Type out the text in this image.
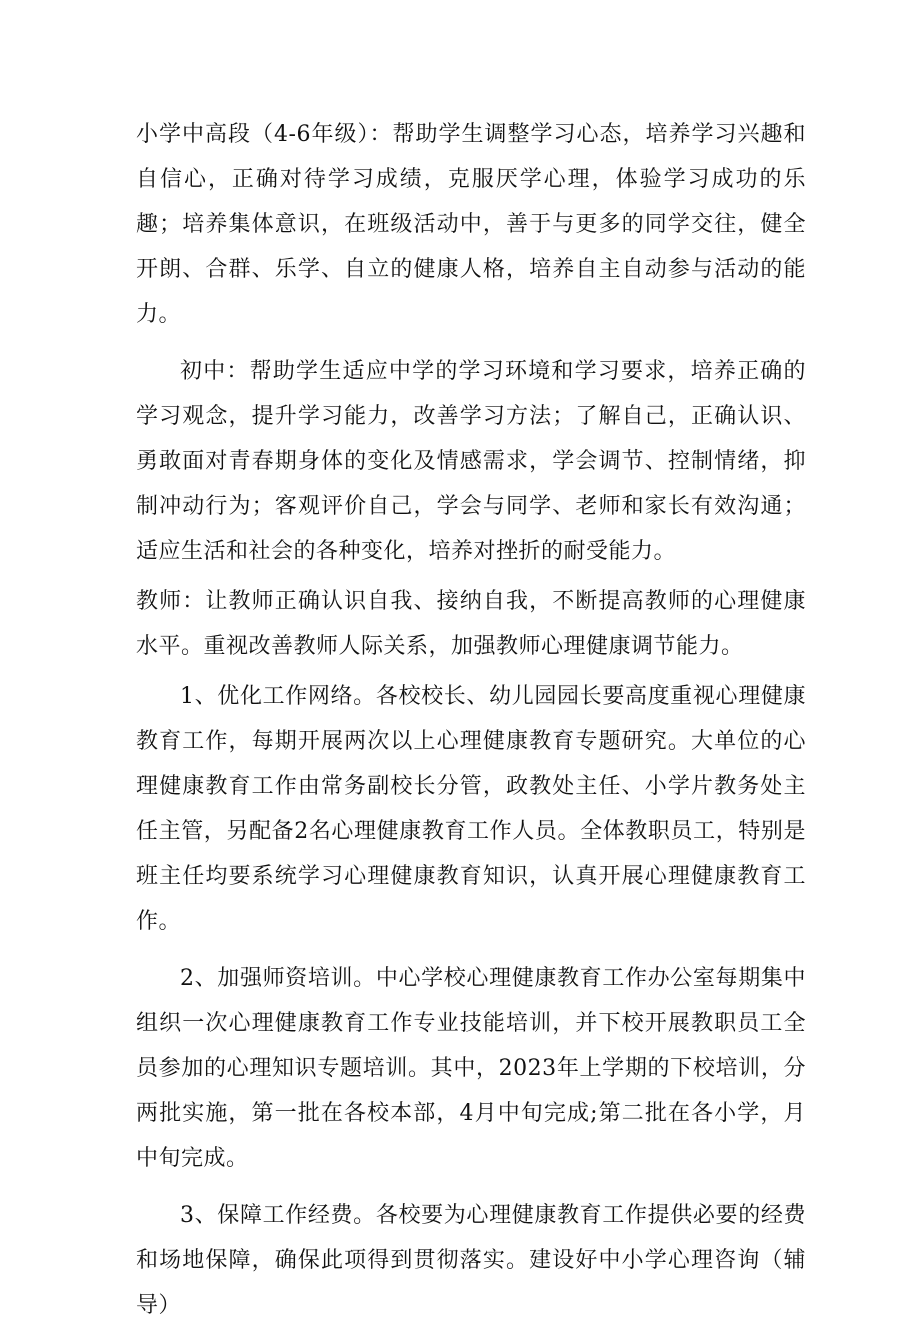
小学中高段（4-6年级）：帮助学生调整学习心态，培养学习兴趣和自信心，正确对待学习成绩，克服厌学心理，体验学习成功的乐趣；培养集体意识，在班级活动中，善于与更多的同学交往，健全开朗、合群、乐学、自立的健康人格，培养自主自动参与活动的能力。

初中：帮助学生适应中学的学习环境和学习要求，培养正确的学习观念，提升学习能力，改善学习方法；了解自己，正确认识、勇敢面对青春期身体的变化及情感需求，学会调节、控制情绪，抑制冲动行为；客观评价自己，学会与同学、老师和家长有效沟通；适应生活和社会的各种变化，培养对挫折的耐受能力。

教师：让教师正确认识自我、接纳自我，不断提高教师的心理健康水平。重视改善教师人际关系，加强教师心理健康调节能力。

1、优化工作网络。各校校长、幼儿园园长要高度重视心理健康教育工作，每期开展两次以上心理健康教育专题研究。大单位的心理健康教育工作由常务副校长分管，政教处主任、小学片教务处主任主管，另配备2名心理健康教育工作人员。全体教职员工，特别是班主任均要系统学习心理健康教育知识，认真开展心理健康教育工作。

2、加强师资培训。中心学校心理健康教育工作办公室每期集中组织一次心理健康教育工作专业技能培训，并下校开展教职员工全员参加的心理知识专题培训。其中，2023年上学期的下校培训，分两批实施，第一批在各校本部，4月中旬完成;第二批在各小学，月中旬完成。

3、保障工作经费。各校要为心理健康教育工作提供必要的经费和场地保障，确保此项得到贯彻落实。建设好中小学心理咨询（辅导）
